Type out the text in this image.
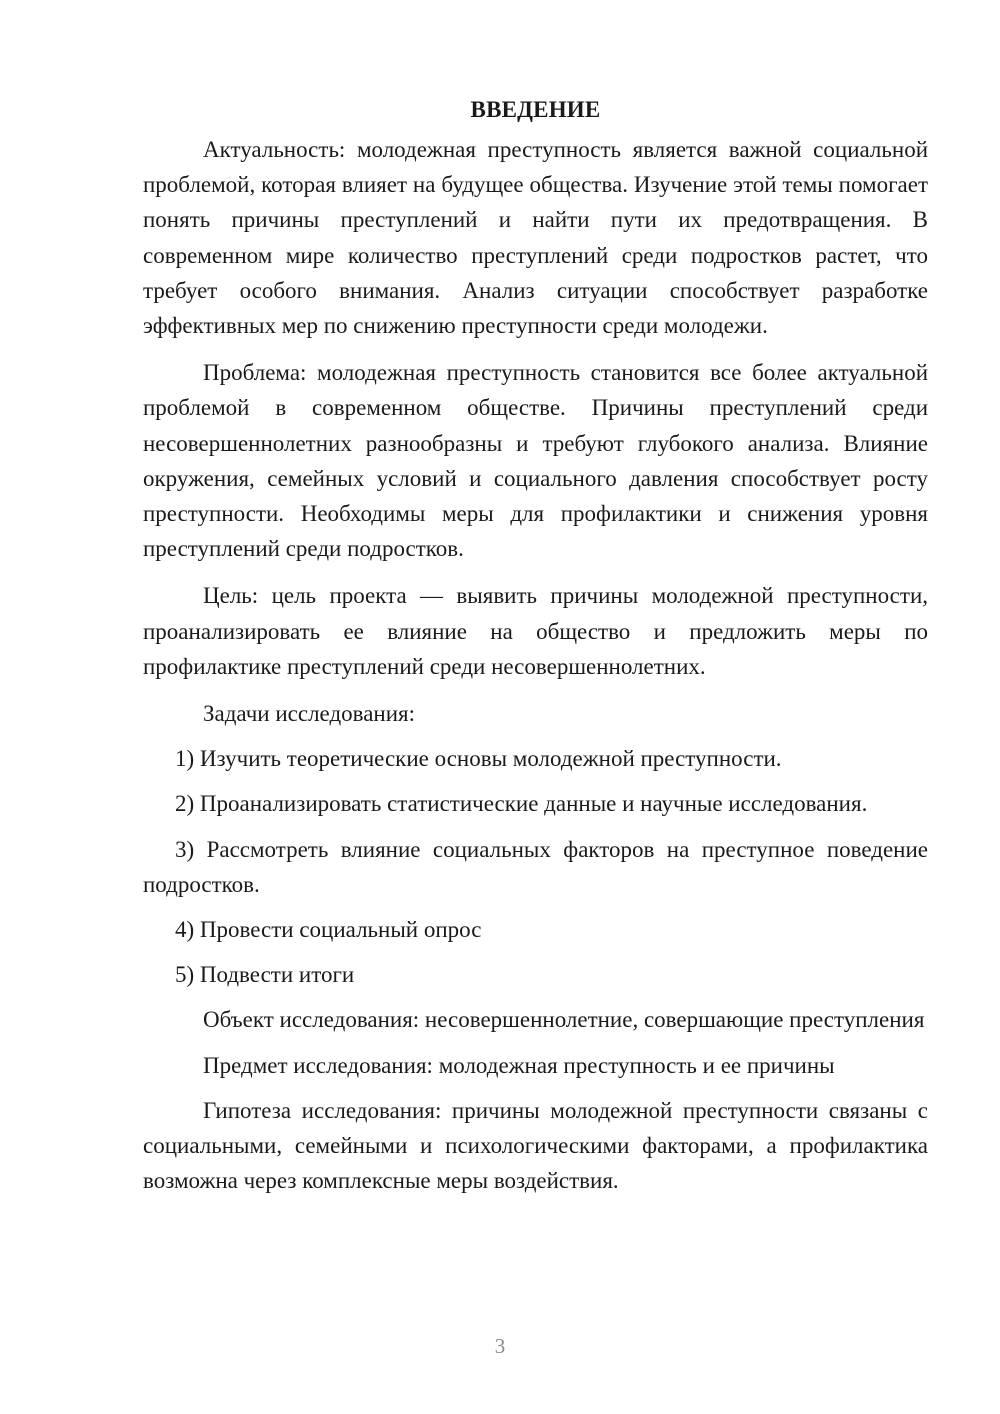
ВВЕДЕНИЕ

Актуальность: молодежная преступность является важной социальной проблемой, которая влияет на будущее общества. Изучение этой темы помогает понять причины преступлений и найти пути их предотвращения. В современном мире количество преступлений среди подростков растет, что требует особого внимания. Анализ ситуации способствует разработке эффективных мер по снижению преступности среди молодежи.

Проблема: молодежная преступность становится все более актуальной проблемой в современном обществе. Причины преступлений среди несовершеннолетних разнообразны и требуют глубокого анализа. Влияние окружения, семейных условий и социального давления способствует росту преступности. Необходимы меры для профилактики и снижения уровня преступлений среди подростков.

Цель: цель проекта — выявить причины молодежной преступности, проанализировать ее влияние на общество и предложить меры по профилактике преступлений среди несовершеннолетних.

Задачи исследования:

1) Изучить теоретические основы молодежной преступности.

2) Проанализировать статистические данные и научные исследования.

3) Рассмотреть влияние социальных факторов на преступное поведение подростков.

4) Провести социальный опрос

5) Подвести итоги

Объект исследования: несовершеннолетние, совершающие преступления

Предмет исследования: молодежная преступность и ее причины

Гипотеза исследования: причины молодежной преступности связаны с социальными, семейными и психологическими факторами, а профилактика возможна через комплексные меры воздействия.

3
